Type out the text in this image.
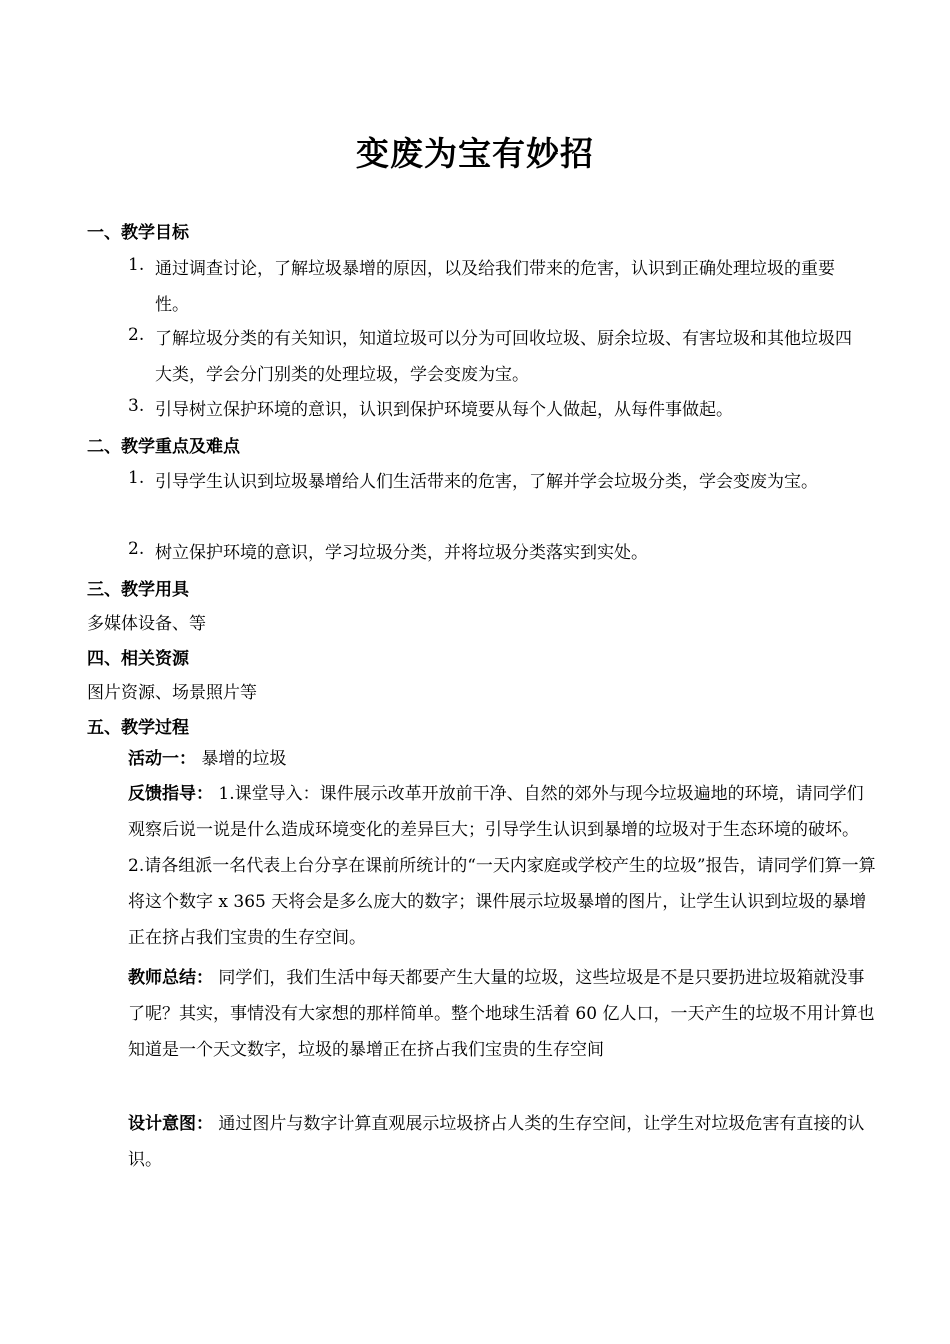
变废为宝有妙招
一、教学目标
1. 通过调查讨论，了解垃圾暴增的原因，以及给我们带来的危害，认识到正确处理垃圾的重要性。
2. 了解垃圾分类的有关知识，知道垃圾可以分为可回收垃圾、厨余垃圾、有害垃圾和其他垃圾四大类，学会分门别类的处理垃圾，学会变废为宝。
3. 引导树立保护环境的意识，认识到保护环境要从每个人做起，从每件事做起。
二、教学重点及难点
1. 引导学生认识到垃圾暴增给人们生活带来的危害，了解并学会垃圾分类，学会变废为宝。
2. 树立保护环境的意识，学习垃圾分类，并将垃圾分类落实到实处。
三、教学用具

多媒体设备、等

四、相关资源

图片资源、场景照片等

五、教学过程

活动一： 暴增的垃圾

反馈指导： 1.课堂导入：课件展示改革开放前干净、自然的郊外与现今垃圾遍地的环境，请同学们观察后说一说是什么造成环境变化的差异巨大；引导学生认识到暴增的垃圾对于生态环境的破坏。 2.请各组派一名代表上台分享在课前所统计的“一天内家庭或学校产生的垃圾”报告，请同学们算一算将这个数字 x 365 天将会是多么庞大的数字；课件展示垃圾暴增的图片，让学生认识到垃圾的暴增正在挤占我们宝贵的生存空间。

教师总结： 同学们，我们生活中每天都要产生大量的垃圾，这些垃圾是不是只要扔进垃圾箱就没事了呢？其实，事情没有大家想的那样简单。整个地球生活着 60 亿人口，一天产生的垃圾不用计算也知道是一个天文数字，垃圾的暴增正在挤占我们宝贵的生存空间

设计意图： 通过图片与数字计算直观展示垃圾挤占人类的生存空间，让学生对垃圾危害有直接的认识。
